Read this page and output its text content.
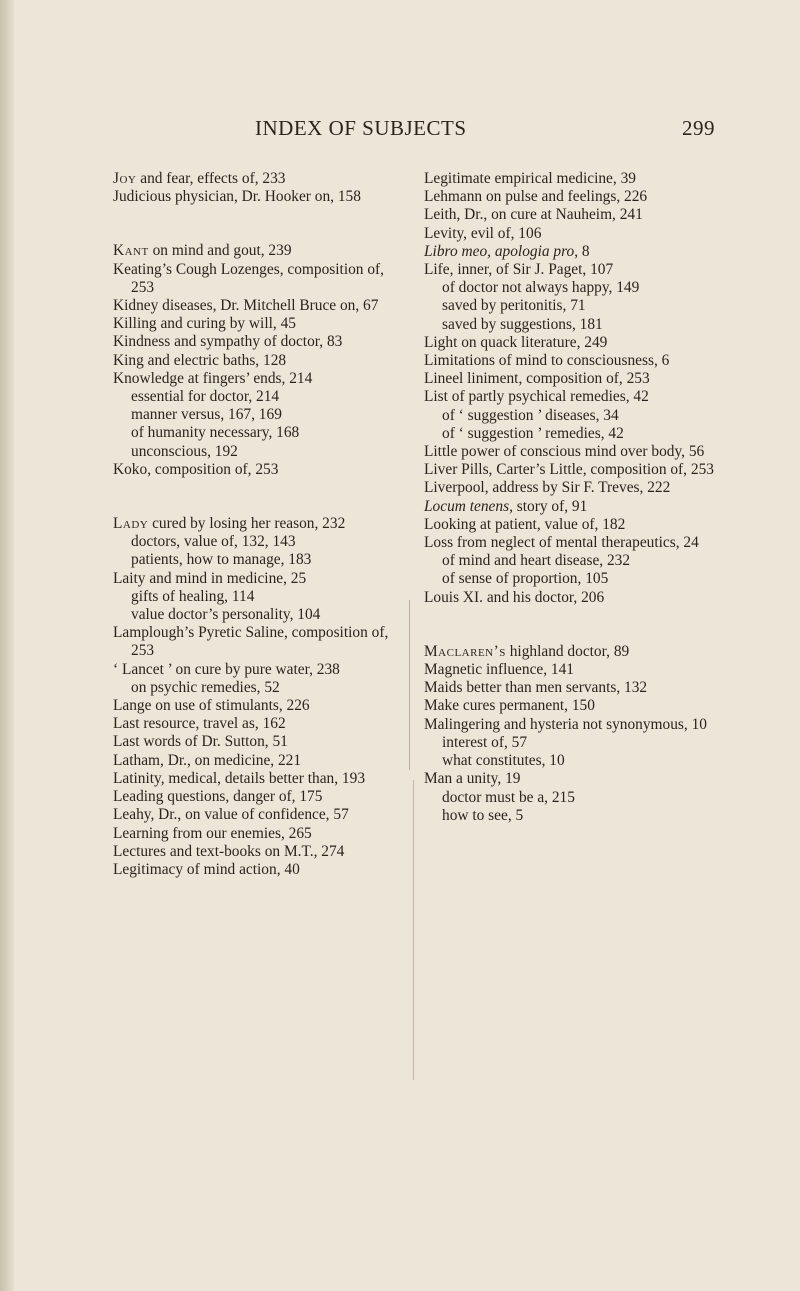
INDEX OF SUBJECTS	299
Joy and fear, effects of, 233
Judicious physician, Dr. Hooker on, 158
Kant on mind and gout, 239
Keating’s Cough Lozenges, composition of, 253
Kidney diseases, Dr. Mitchell Bruce on, 67
Killing and curing by will, 45
Kindness and sympathy of doctor, 83
King and electric baths, 128
Knowledge at fingers’ ends, 214
essential for doctor, 214
manner versus, 167, 169
of humanity necessary, 168
unconscious, 192
Koko, composition of, 253
Lady cured by losing her reason, 232
doctors, value of, 132, 143
patients, how to manage, 183
Laity and mind in medicine, 25
gifts of healing, 114
value doctor’s personality, 104
Lamplough’s Pyretic Saline, composition of, 253
‘ Lancet ’ on cure by pure water, 238
on psychic remedies, 52
Lange on use of stimulants, 226
Last resource, travel as, 162
Last words of Dr. Sutton, 51
Latham, Dr., on medicine, 221
Latinity, medical, details better than, 193
Leading questions, danger of, 175
Leahy, Dr., on value of confidence, 57
Learning from our enemies, 265
Lectures and text-books on M.T., 274
Legitimacy of mind action, 40
Legitimate empirical medicine, 39
Lehmann on pulse and feelings, 226
Leith, Dr., on cure at Nauheim, 241
Levity, evil of, 106
Libro meo, apologia pro, 8
Life, inner, of Sir J. Paget, 107
of doctor not always happy, 149
saved by peritonitis, 71
saved by suggestions, 181
Light on quack literature, 249
Limitations of mind to consciousness, 6
Lineel liniment, composition of, 253
List of partly psychical remedies, 42
of ‘ suggestion ’ diseases, 34
of ‘ suggestion ’ remedies, 42
Little power of conscious mind over body, 56
Liver Pills, Carter’s Little, composition of, 253
Liverpool, address by Sir F. Treves, 222
Locum tenens, story of, 91
Looking at patient, value of, 182
Loss from neglect of mental therapeutics, 24
of mind and heart disease, 232
of sense of proportion, 105
Louis XI. and his doctor, 206
Maclaren’s highland doctor, 89
Magnetic influence, 141
Maids better than men servants, 132
Make cures permanent, 150
Malingering and hysteria not synonymous, 10
interest of, 57
what constitutes, 10
Man a unity, 19
doctor must be a, 215
how to see, 5
